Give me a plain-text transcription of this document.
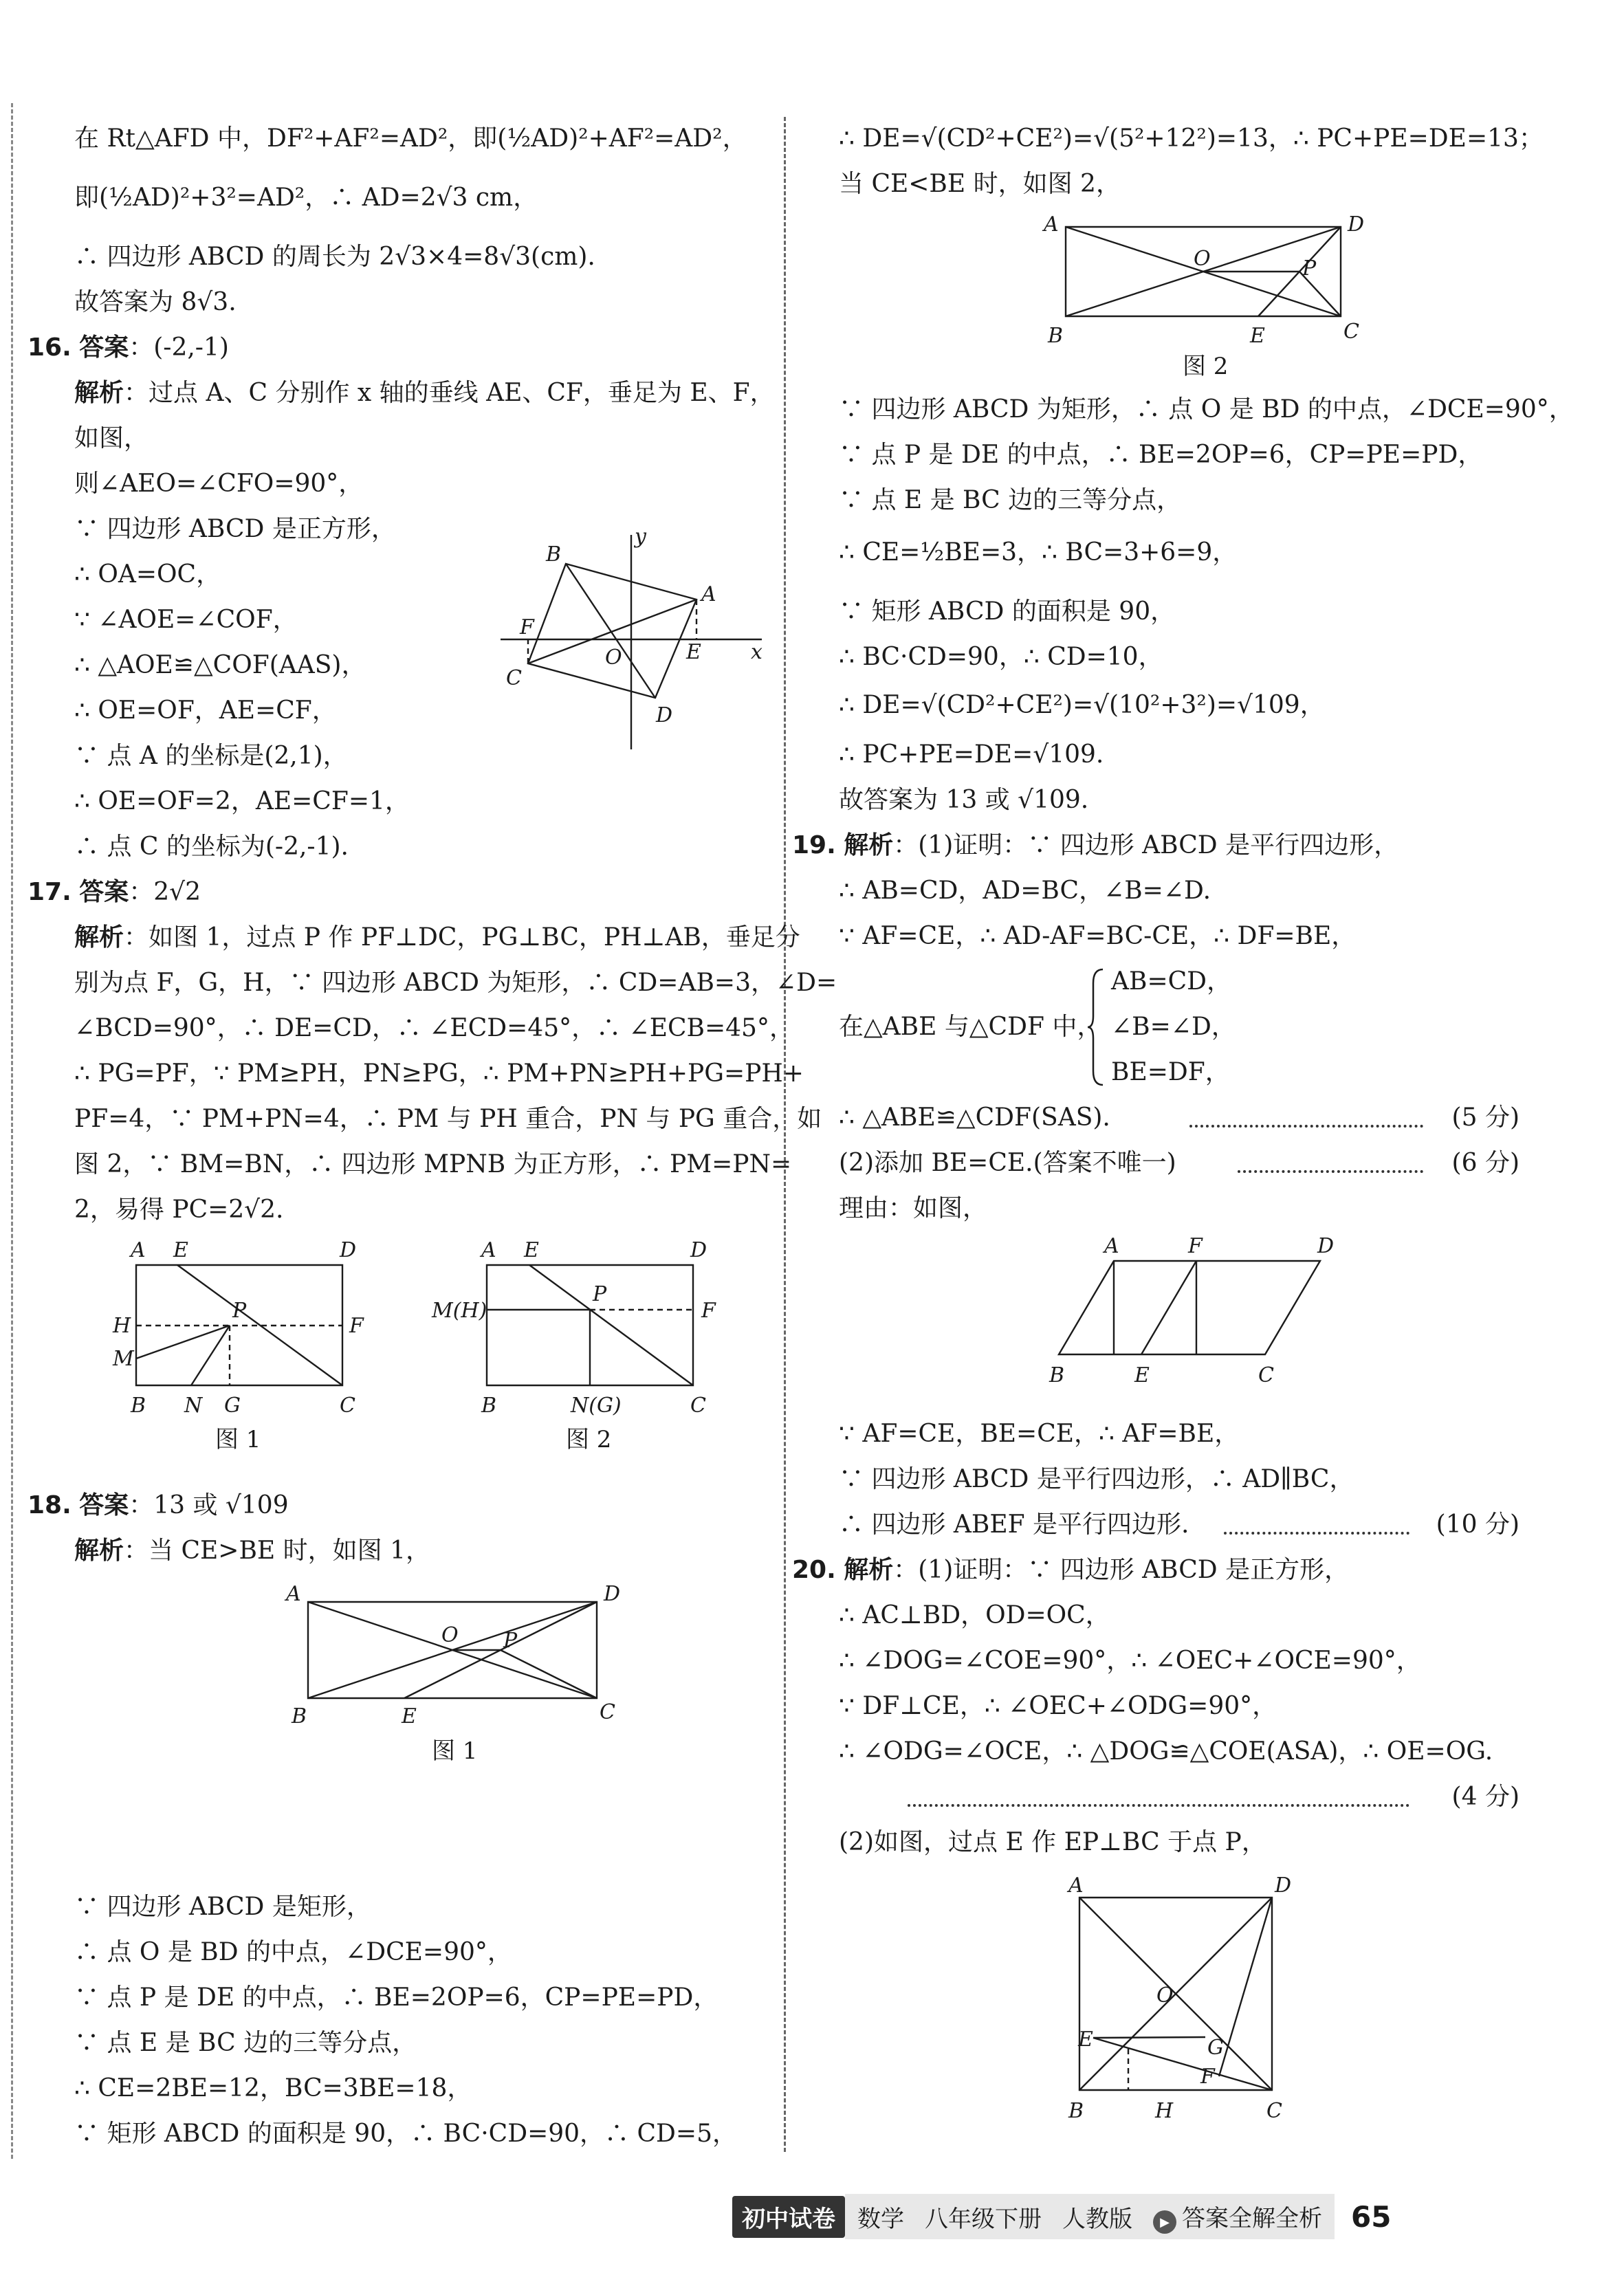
在 Rt△AFD 中，DF²+AF²=AD²，即(½AD)²+AF²=AD²，
即(½AD)²+3²=AD²，∴ AD=2√3 cm，
∴ 四边形 ABCD 的周长为 2√3×4=8√3(cm).
故答案为 8√3.
16. 答案：(-2,-1)
解析：过点 A、C 分别作 x 轴的垂线 AE、CF，垂足为 E、F，
如图，
则∠AEO=∠CFO=90°，
∵ 四边形 ABCD 是正方形，
∴ OA=OC，
∵ ∠AOE=∠COF，
∴ △AOE≌△COF(AAS)，
∴ OE=OF，AE=CF，
∵ 点 A 的坐标是(2,1)，
∴ OE=OF=2，AE=CF=1，
∴ 点 C 的坐标为(-2,-1).
y
x
B
A
F
O	E
C
D
17. 答案：2√2
解析：如图 1，过点 P 作 PF⊥DC，PG⊥BC，PH⊥AB，垂足分
别为点 F，G，H，∵ 四边形 ABCD 为矩形，∴ CD=AB=3，∠D=
∠BCD=90°，∴ DE=CD，∴ ∠ECD=45°，∴ ∠ECB=45°，
∴ PG=PF，∵ PM≥PH，PN≥PG，∴ PM+PN≥PH+PG=PH+
PF=4，∵ PM+PN=4，∴ PM 与 PH 重合，PN 与 PG 重合，如
图 2，∵ BM=BN，∴ 四边形 MPNB 为正方形，∴ PM=PN=
2，易得 PC=2√2.
A E	D
P
H	F
M
B N G	C
图 1
A E	D
P
M(H)	F
B	N(G)	C
图 2
18. 答案：13 或 √109
解析：当 CE>BE 时，如图 1，
A	D
O P
B	E	C
图 1
∵ 四边形 ABCD 是矩形，
∴ 点 O 是 BD 的中点，∠DCE=90°，
∵ 点 P 是 DE 的中点，∴ BE=2OP=6，CP=PE=PD，
∵ 点 E 是 BC 边的三等分点，
∴ CE=2BE=12，BC=3BE=18，
∵ 矩形 ABCD 的面积是 90，∴ BC·CD=90，∴ CD=5，
∴ DE=√(CD²+CE²)=√(5²+12²)=13，∴ PC+PE=DE=13；
当 CE<BE 时，如图 2，
A	D
O	P
B	E	C
图 2
∵ 四边形 ABCD 为矩形，∴ 点 O 是 BD 的中点，∠DCE=90°，
∵ 点 P 是 DE 的中点，∴ BE=2OP=6，CP=PE=PD，
∵ 点 E 是 BC 边的三等分点，
∴ CE=½BE=3，∴ BC=3+6=9，
∵ 矩形 ABCD 的面积是 90，
∴ BC·CD=90，∴ CD=10，
∴ DE=√(CD²+CE²)=√(10²+3²)=√109，
∴ PC+PE=DE=√109.
故答案为 13 或 √109.
19. 解析：(1)证明：∵ 四边形 ABCD 是平行四边形，
∴ AB=CD，AD=BC，∠B=∠D.
∵ AF=CE，∴ AD-AF=BC-CE，∴ DF=BE，
在△ABE 与△CDF 中，
AB=CD，
∠B=∠D，
BE=DF，
∴ △ABE≌△CDF(SAS).	(5 分)
(2)添加 BE=CE.(答案不唯一)	(6 分)
理由：如图，
A	F	D
B	E	C
∵ AF=CE，BE=CE，∴ AF=BE，
∵ 四边形 ABCD 是平行四边形，∴ AD∥BC，
∴ 四边形 ABEF 是平行四边形.	(10 分)
20. 解析：(1)证明：∵ 四边形 ABCD 是正方形，
∴ AC⊥BD，OD=OC，
∴ ∠DOG=∠COE=90°，∴ ∠OEC+∠OCE=90°，
∵ DF⊥CE，∴ ∠OEC+∠ODG=90°，
∴ ∠ODG=∠OCE，∴ △DOG≌△COE(ASA)，∴ OE=OG.
(4 分)
(2)如图，过点 E 作 EP⊥BC 于点 P，
A	D
O
E	G
F
B	H	C
初中试卷 数学 八年级下册 人教版	▶ 答案全解全析 65
